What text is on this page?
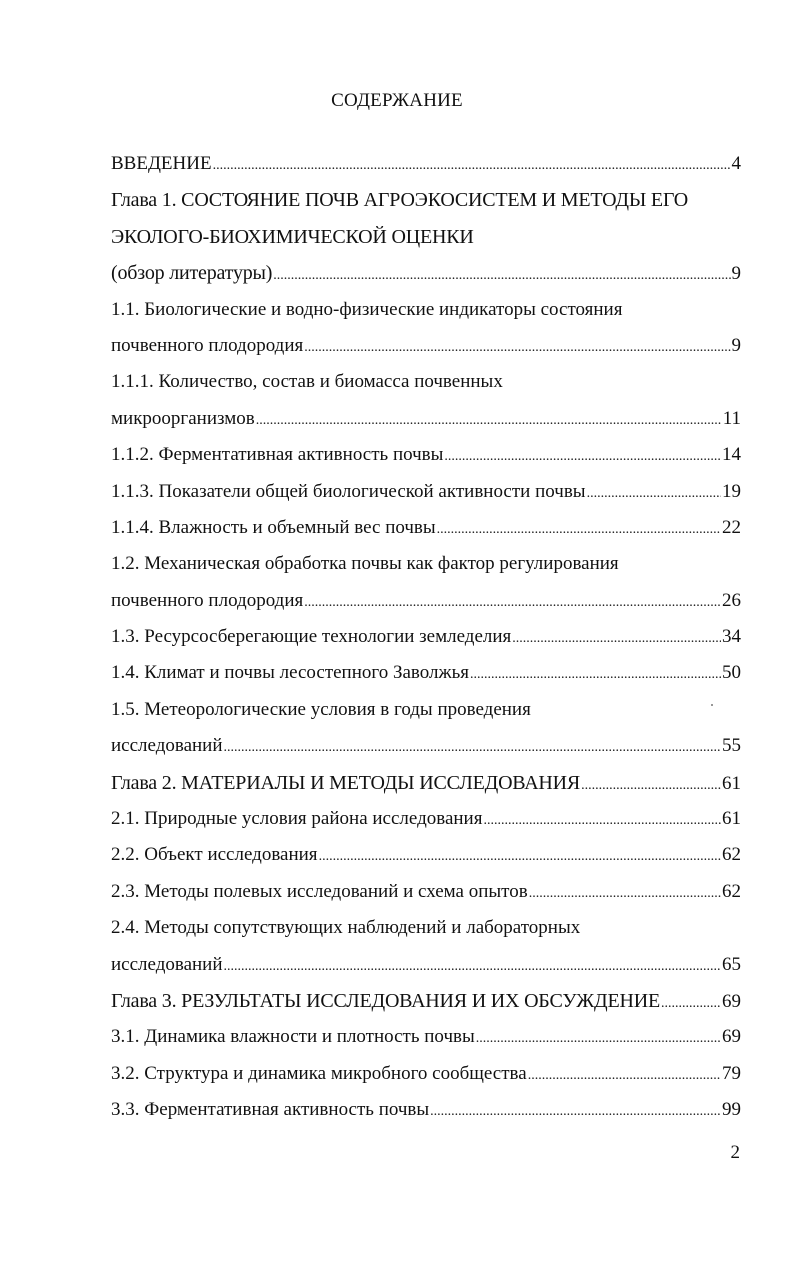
СОДЕРЖАНИЕ
ВВЕДЕНИЕ .....	4
Глава 1. СОСТОЯНИЕ ПОЧВ АГРОЭКОСИСТЕМ И МЕТОДЫ ЕГО
ЭКОЛОГО-БИОХИМИЧЕСКОЙ ОЦЕНКИ
(обзор литературы) .....	9
1.1. Биологические и водно-физические индикаторы состояния
почвенного плодородия .....	9
1.1.1. Количество, состав и биомасса почвенных
микроорганизмов .....	11
1.1.2. Ферментативная активность почвы .....	14
1.1.3. Показатели общей биологической активности почвы .....	19
1.1.4. Влажность и объемный вес почвы .....	22
1.2. Механическая обработка почвы как фактор регулирования
почвенного плодородия .....	26
1.3. Ресурсосберегающие технологии земледелия .....	34
1.4. Климат и почвы лесостепного Заволжья .....	50
1.5. Метеорологические условия в годы проведения
исследований .....	55
Глава 2. МАТЕРИАЛЫ И МЕТОДЫ ИССЛЕДОВАНИЯ .....	61
2.1. Природные условия района исследования .....	61
2.2. Объект исследования .....	62
2.3. Методы полевых исследований и схема опытов .....	62
2.4. Методы сопутствующих наблюдений и лабораторных
исследований .....	65
Глава 3. РЕЗУЛЬТАТЫ ИССЛЕДОВАНИЯ И ИХ ОБСУЖДЕНИЕ .....	69
3.1. Динамика влажности и плотность почвы .....	69
3.2. Структура и динамика микробного сообщества .....	79
3.3. Ферментативная активность почвы .....	99
2
